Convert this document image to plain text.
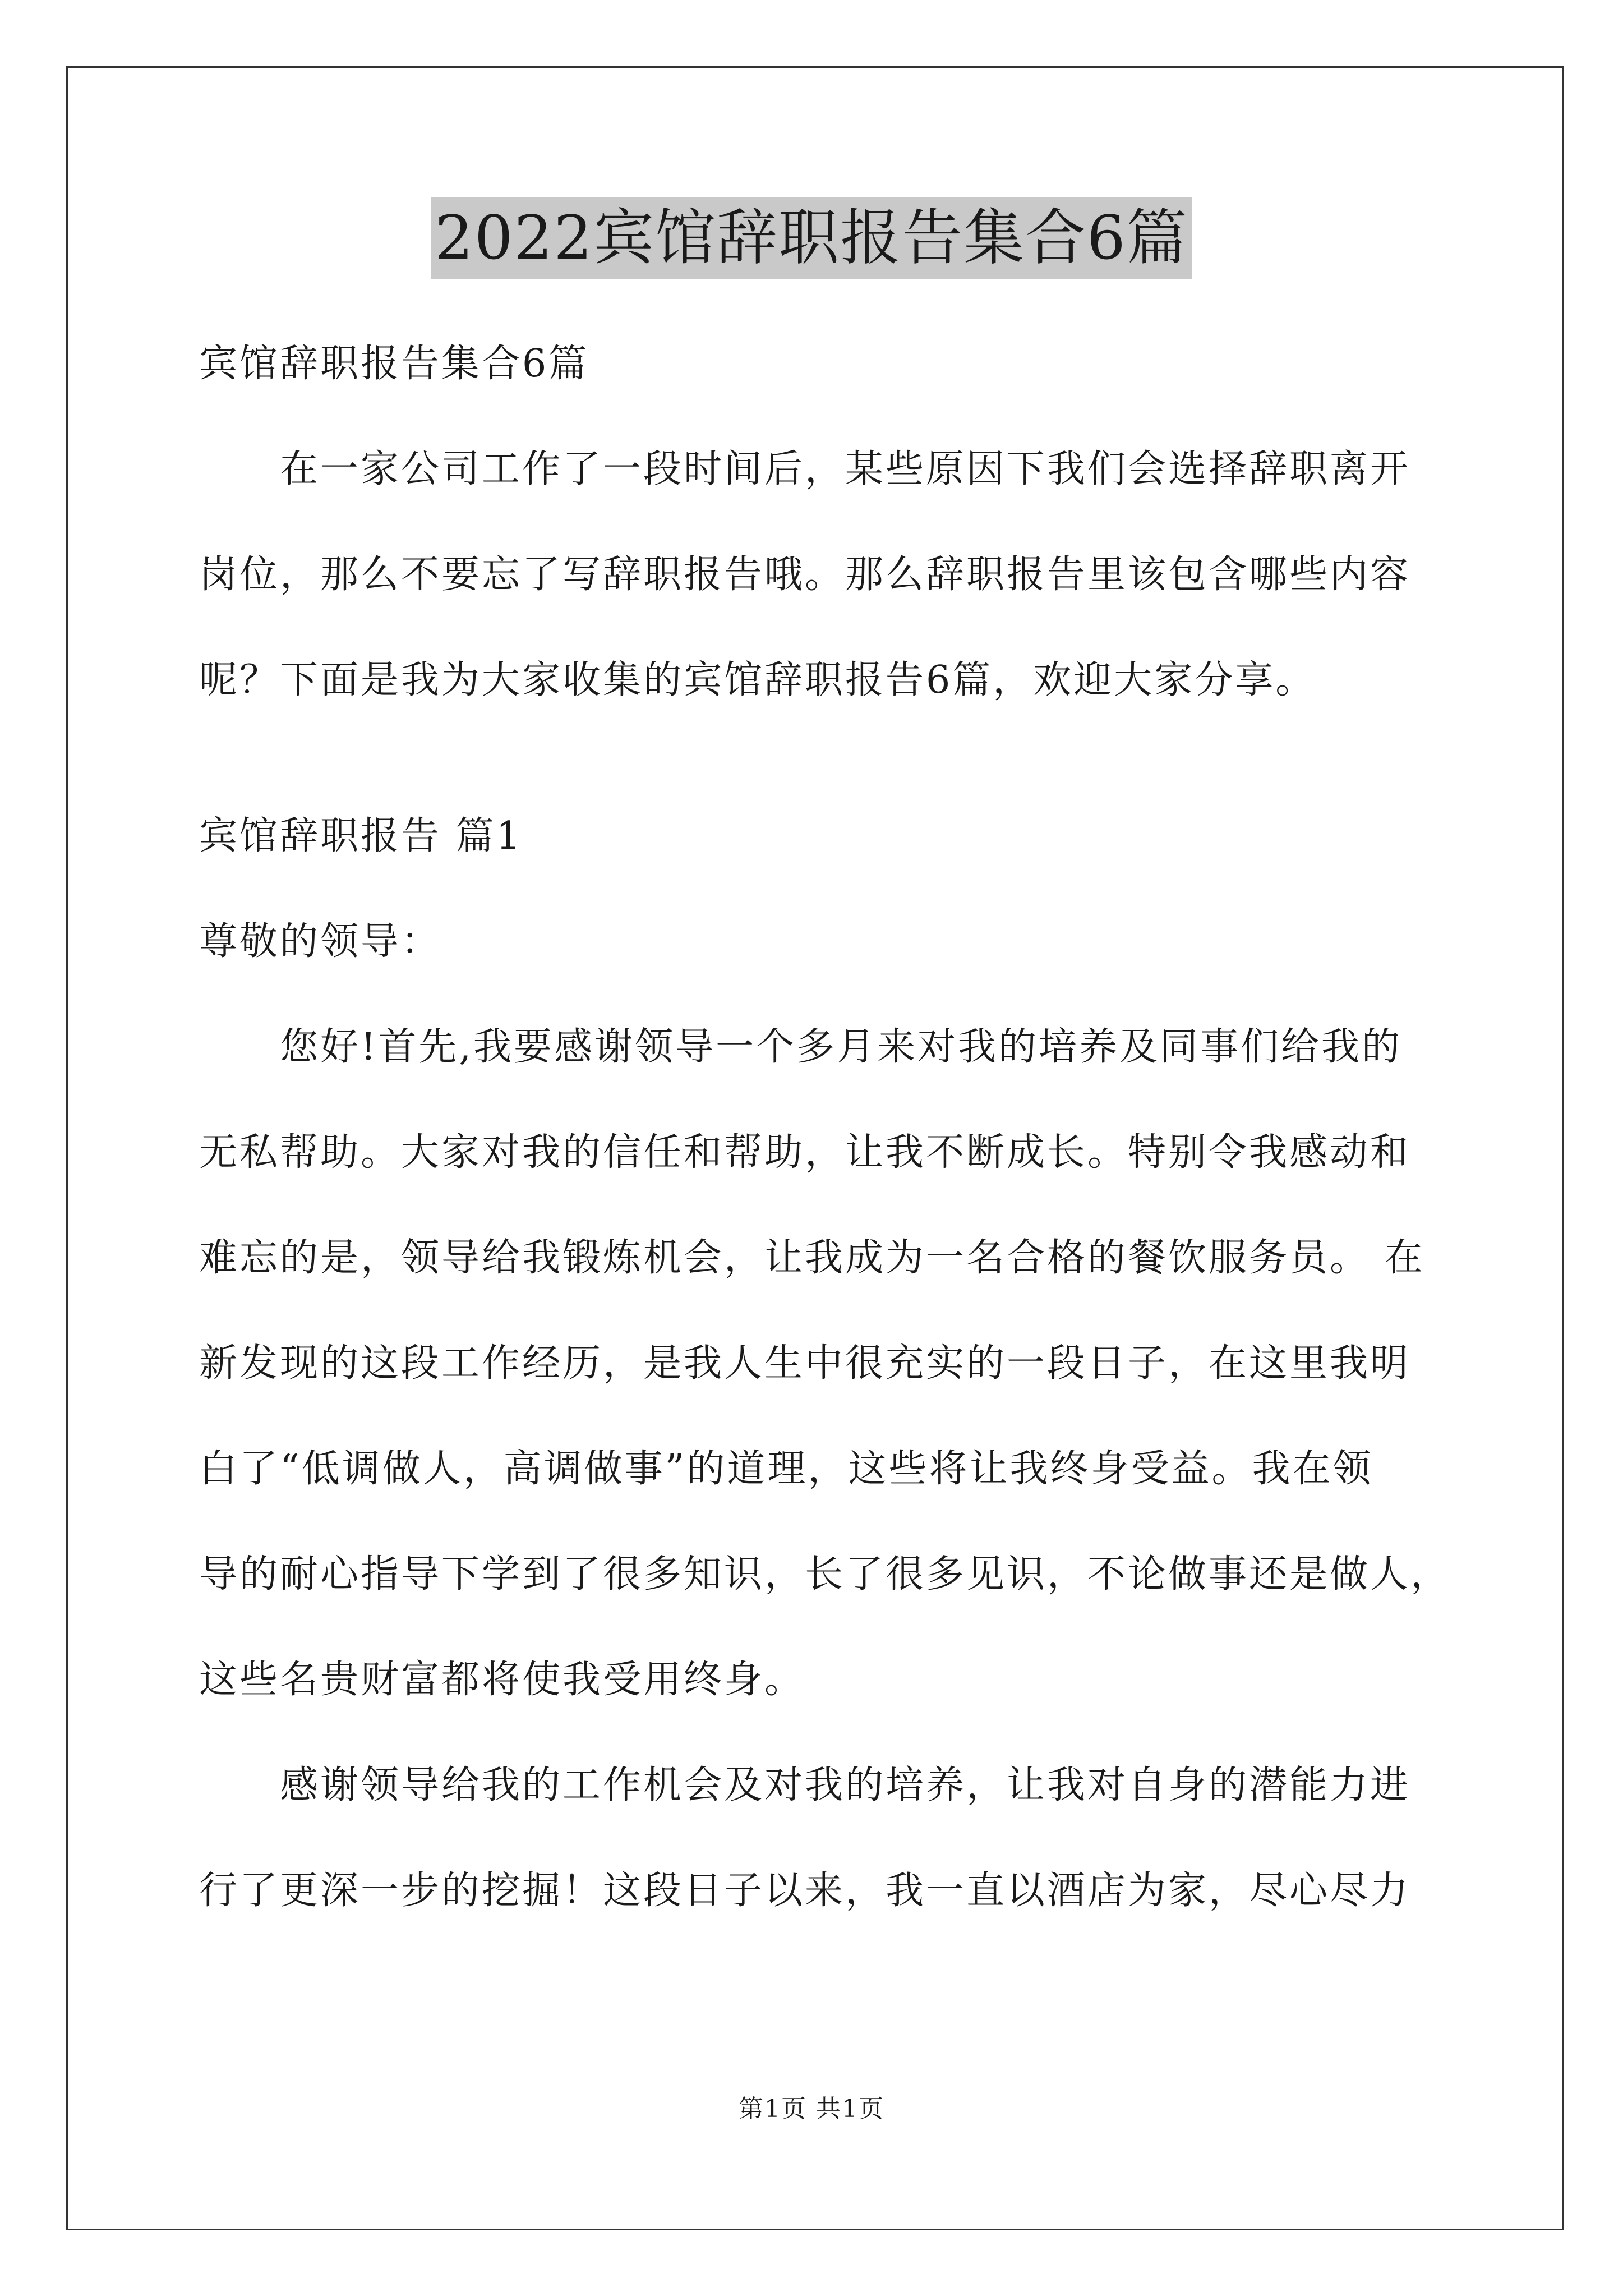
2022宾馆辞职报告集合6篇
宾馆辞职报告集合6篇
在一家公司工作了一段时间后，某些原因下我们会选择辞职离开
岗位，那么不要忘了写辞职报告哦。那么辞职报告里该包含哪些内容
呢？下面是我为大家收集的宾馆辞职报告6篇，欢迎大家分享。
宾馆辞职报告 篇1
尊敬的领导：
您好!首先,我要感谢领导一个多月来对我的培养及同事们给我的
无私帮助。大家对我的信任和帮助，让我不断成长。特别令我感动和
难忘的是，领导给我锻炼机会，让我成为一名合格的餐饮服务员。 在
新发现的这段工作经历，是我人生中很充实的一段日子，在这里我明
白了“低调做人，高调做事”的道理，这些将让我终身受益。我在领
导的耐心指导下学到了很多知识，长了很多见识，不论做事还是做人，
这些名贵财富都将使我受用终身。
感谢领导给我的工作机会及对我的培养，让我对自身的潜能力进
行了更深一步的挖掘！这段日子以来，我一直以酒店为家，尽心尽力
第1页 共1页
